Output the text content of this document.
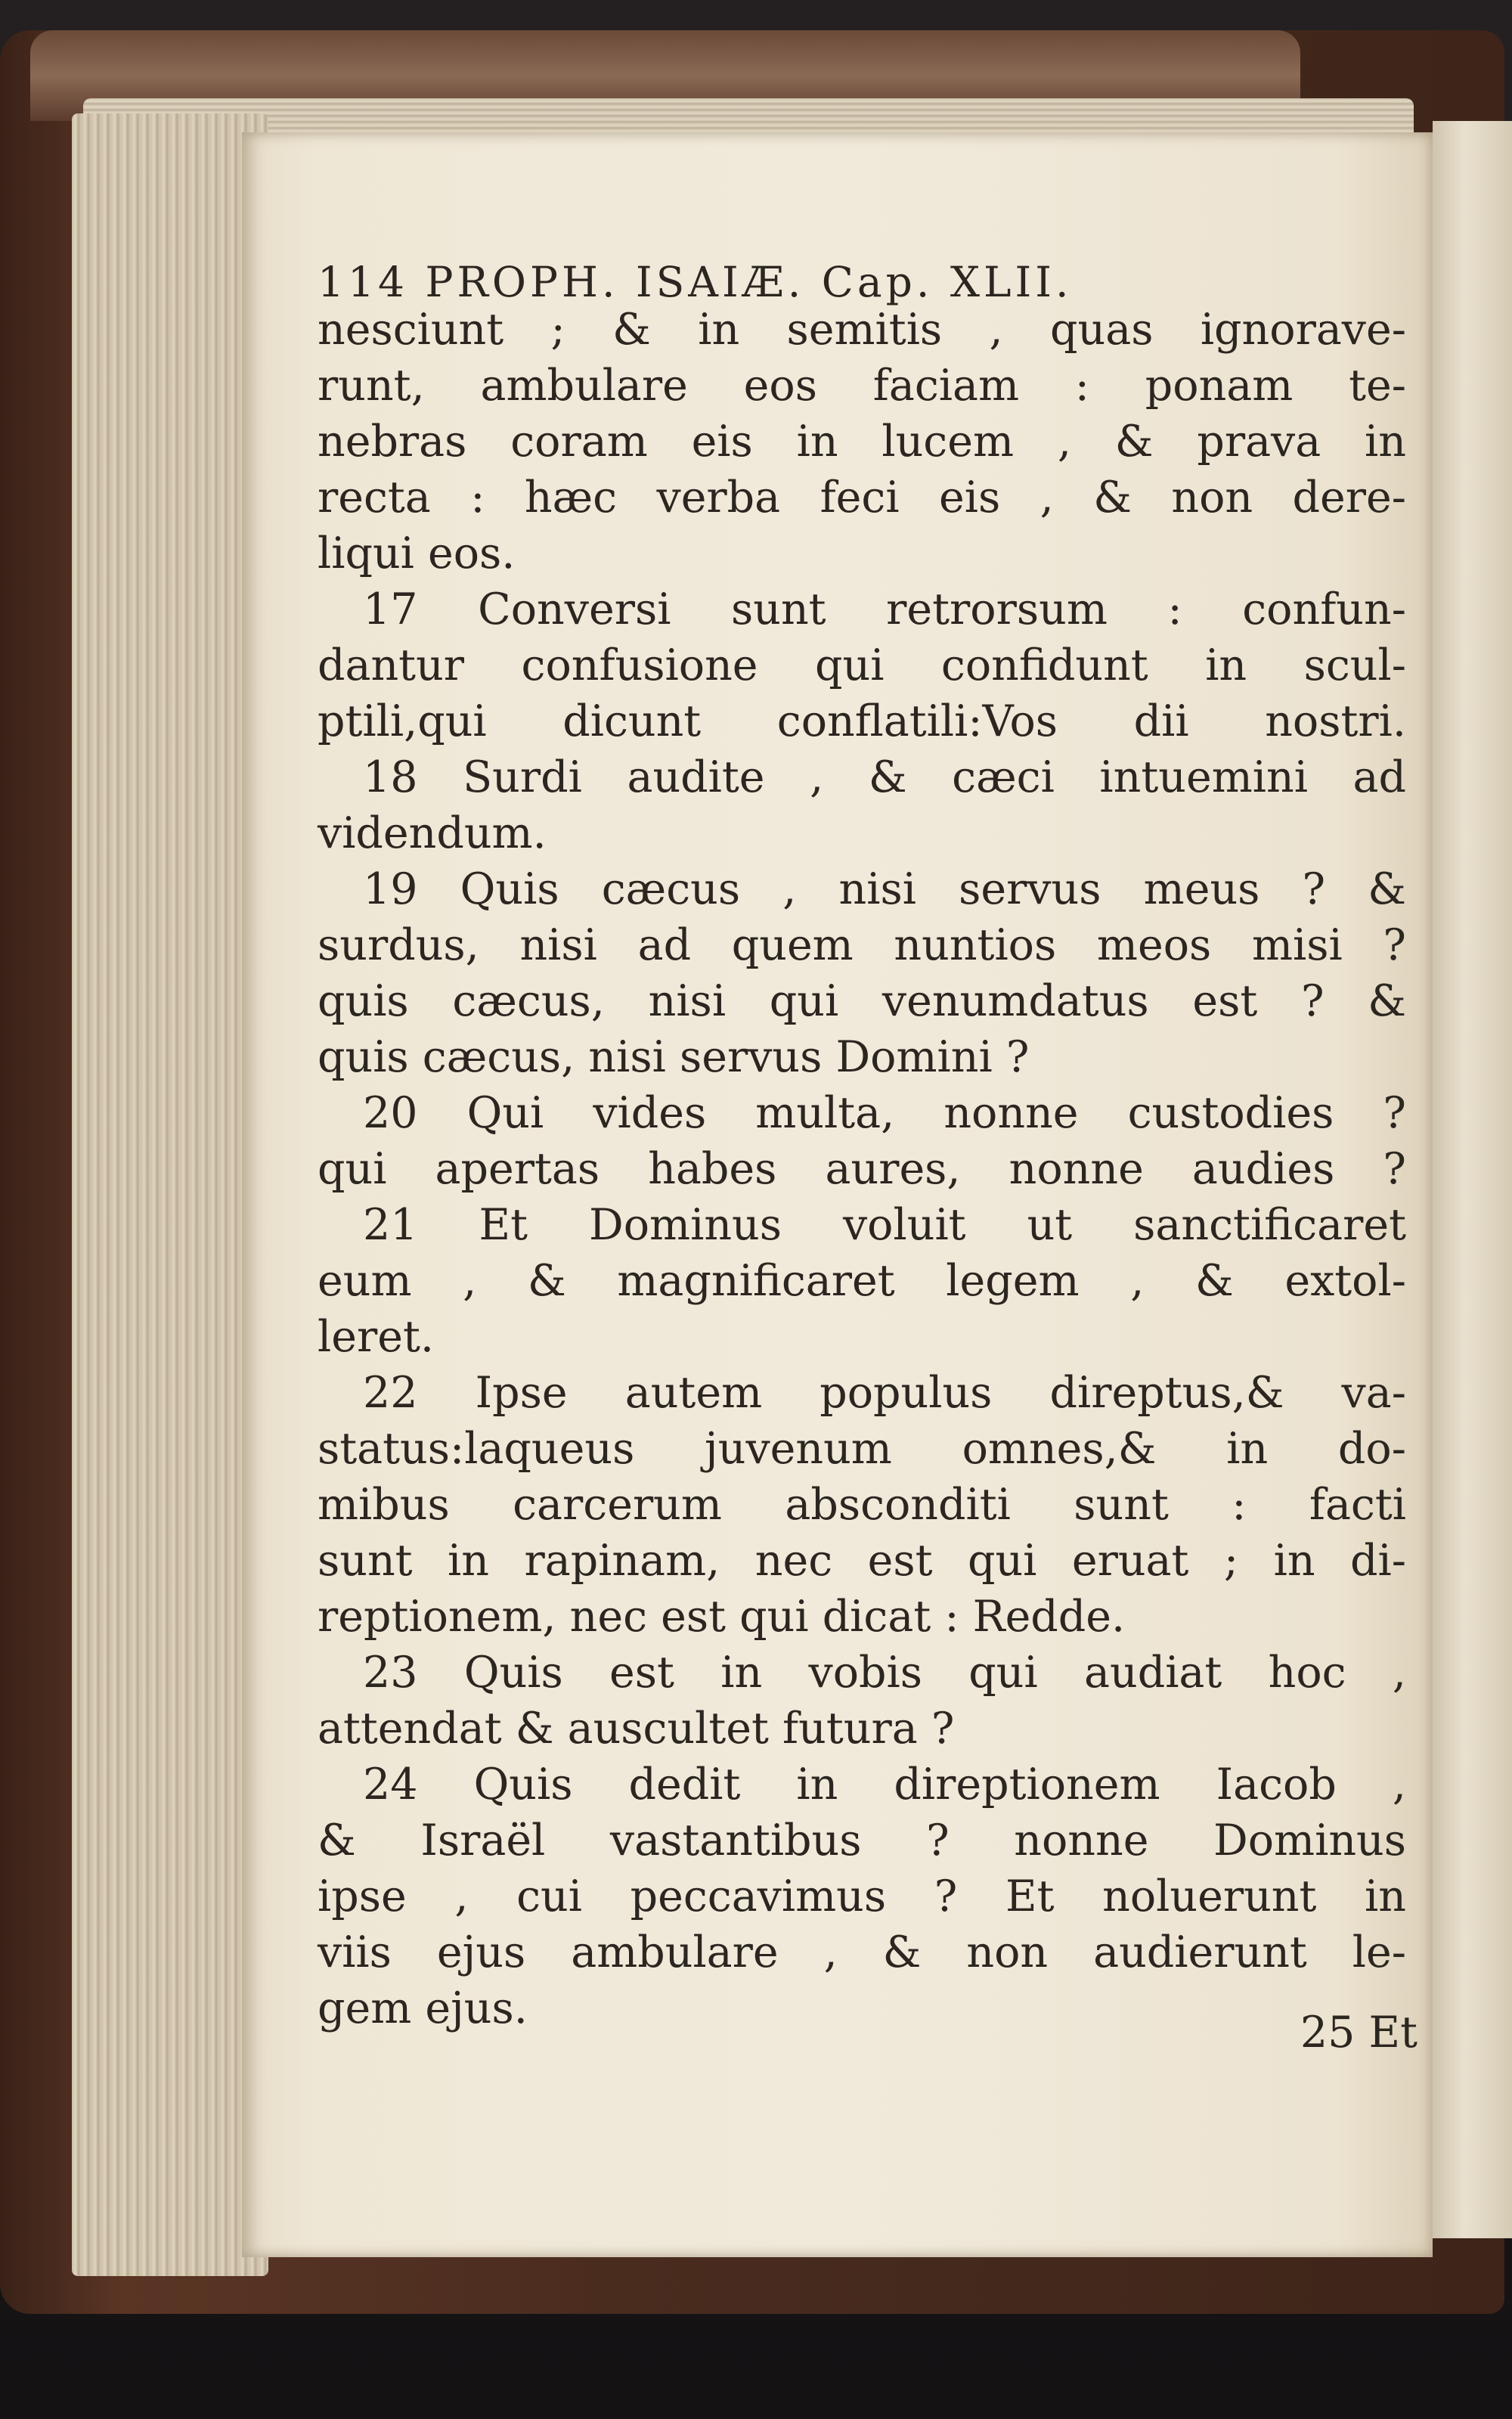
114 PROPH. ISAIÆ. Cap. XLII.
nesciunt ; & in semitis , quas ignorave-
runt, ambulare eos faciam : ponam te-
nebras coram eis in lucem , & prava in
recta : hæc verba feci eis , & non dere-
liqui eos.
17 Conversi sunt retrorsum : confun-
dantur confusione qui confidunt in scul-
ptili,qui dicunt conflatili:Vos dii nostri.
18 Surdi audite , & cæci intuemini ad
videndum.
19 Quis cæcus , nisi servus meus ? &
surdus, nisi ad quem nuntios meos misi ?
quis cæcus, nisi qui venumdatus est ? &
quis cæcus, nisi servus Domini ?
20 Qui vides multa, nonne custodies ?
qui apertas habes aures, nonne audies ?
21 Et Dominus voluit ut sanctificaret
eum , & magnificaret legem , & extol-
leret.
22 Ipse autem populus direptus,& va-
status:laqueus juvenum omnes,& in do-
mibus carcerum absconditi sunt : facti
sunt in rapinam, nec est qui eruat ; in di-
reptionem, nec est qui dicat : Redde.
23 Quis est in vobis qui audiat hoc ,
attendat & auscultet futura ?
24 Quis dedit in direptionem Iacob ,
& Israël vastantibus ? nonne Dominus
ipse , cui peccavimus ? Et noluerunt in
viis ejus ambulare , & non audierunt le-
gem ejus.	25 Et
